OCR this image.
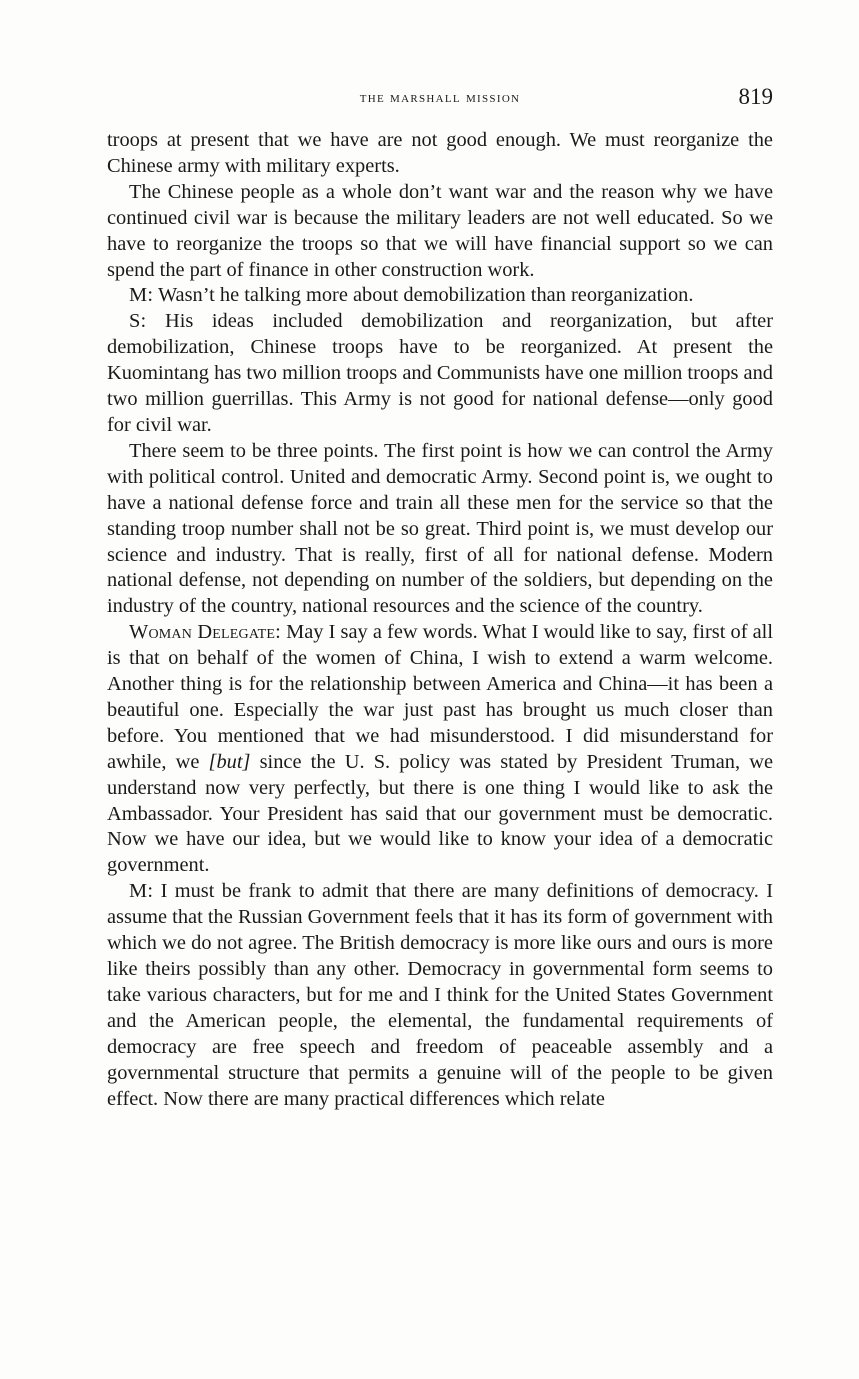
the marshall mission	819

troops at present that we have are not good enough. We must reorganize the Chinese army with military experts.

The Chinese people as a whole don’t want war and the reason why we have continued civil war is because the military leaders are not well educated. So we have to reorganize the troops so that we will have financial support so we can spend the part of finance in other construction work.

M: Wasn’t he talking more about demobilization than reorganization.

S: His ideas included demobilization and reorganization, but after demobilization, Chinese troops have to be reorganized. At present the Kuomintang has two million troops and Communists have one million troops and two million guerrillas. This Army is not good for national defense—only good for civil war.

There seem to be three points. The first point is how we can control the Army with political control. United and democratic Army. Second point is, we ought to have a national defense force and train all these men for the service so that the standing troop number shall not be so great. Third point is, we must develop our science and industry. That is really, first of all for national defense. Modern national defense, not depending on number of the soldiers, but depending on the industry of the country, national resources and the science of the country.

Woman Delegate: May I say a few words. What I would like to say, first of all is that on behalf of the women of China, I wish to extend a warm welcome. Another thing is for the relationship between America and China—it has been a beautiful one. Especially the war just past has brought us much closer than before. You mentioned that we had misunderstood. I did misunderstand for awhile, we [but] since the U. S. policy was stated by President Truman, we understand now very perfectly, but there is one thing I would like to ask the Ambassador. Your President has said that our government must be democratic. Now we have our idea, but we would like to know your idea of a democratic government.

M: I must be frank to admit that there are many definitions of democracy. I assume that the Russian Government feels that it has its form of government with which we do not agree. The British democracy is more like ours and ours is more like theirs possibly than any other. Democracy in governmental form seems to take various characters, but for me and I think for the United States Government and the American people, the elemental, the fundamental requirements of democracy are free speech and freedom of peaceable assembly and a governmental structure that permits a genuine will of the people to be given effect. Now there are many practical differences which relate
